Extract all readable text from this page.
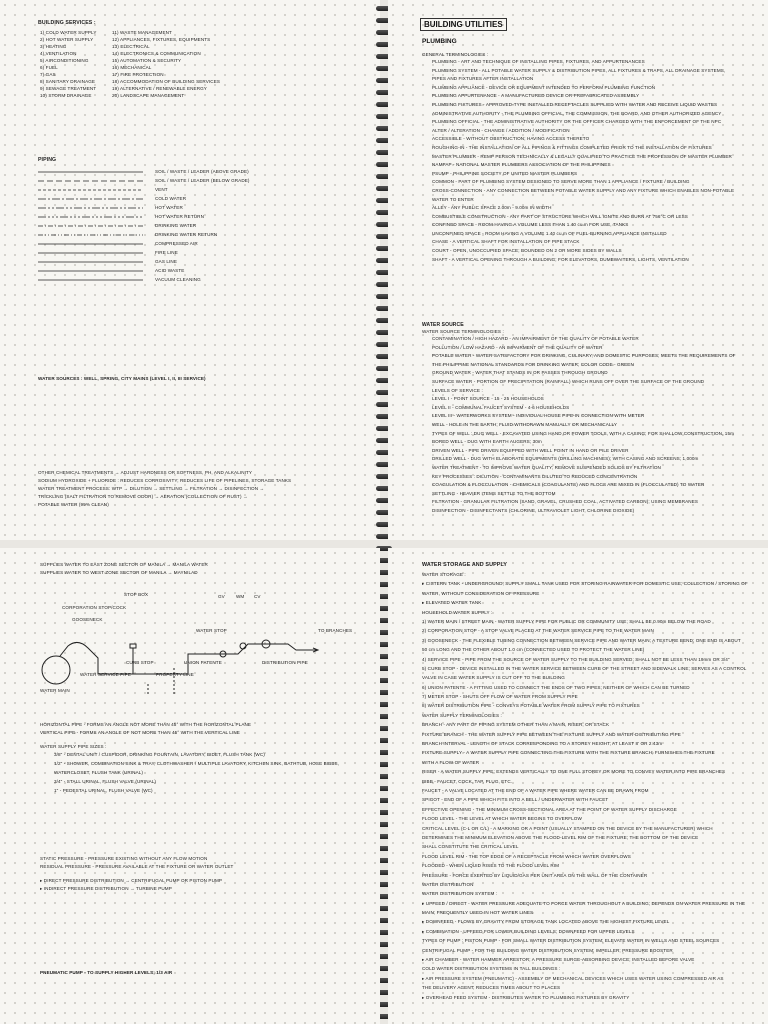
BUILDING SERVICES :
1) COLD WATER SUPPLY
2) HOT WATER SUPPLY
3) HEATING
4) VENTILATION
5) AIRCONDITIONING
6) FUEL
7) GAS
8) SANITARY DRAINAGE
9) SEWAGE TREATMENT
10) STORM DRAINAGE
11) WASTE MANAGEMENT
12) APPLIANCES, FIXTURES, EQUIPMENTS
13) ELECTRICAL
14) ELECTRONICS & COMMUNICATION
15) AUTOMATION & SECURITY
16) MECHANICAL
17) FIRE PROTECTION
18) ACCOMMODATION OF BUILDING SERVICES
19) ALTERNATIVE / RENEWABLE ENERGY
20) LANDSCAPE MANAGEMENT
PIPING
SOIL / WASTE / LEADER (ABOVE GRADE)
SOIL / WASTE / LEADER (BELOW GRADE)
VENT
COLD WATER
HOT WATER
HOT WATER RETURN
DRINKING WATER
DRINKING WATER RETURN
COMPRESSED AIR
FIRE LINE
GAS LINE
ACID WASTE
VACUUM CLEANING
WATER SOURCES : WELL, SPRING, CITY MAINS (LEVEL I, II, III SERVICE)
OTHER CHEMICAL TREATMENTS → ADJUST HARDNESS OR SOFTNESS, PH, AND ALKALINITY
SODIUM HYDROXIDE + FLUORIDE : REDUCES CORROSIVITY; REDUCES LIFE OF PIPELINES, STORAGE TANKS
WATER TREATMENT PROCESS: WTP → DILUTION → SETTLING → FILTRATION → DISINFECTION →
TRICKLING (SALT FILTRATION TO REMOVE ODOR) → AERATION (COLLECTION OF RUST) →
POTABLE WATER (99% CLEAN)
BUILDING UTILITIES
PLUMBING
GENERAL TERMINOLOGIES :
PLUMBING - ART AND TECHNIQUE OF INSTALLING PIPES, FIXTURES, AND APPURTENANCES
PLUMBING SYSTEM - ALL POTABLE WATER SUPPLY & DISTRIBUTION PIPES, ALL FIXTURES & TRAPS, ALL DRAINAGE SYSTEMS,
PIPES AND FIXTURES AFTER INSTALLATION
PLUMBING APPLIANCE - DEVICE OR EQUIPMENT INTENDED TO PERFORM PLUMBING FUNCTION
PLUMBING APPURTENANCE - A MANUFACTURED DEVICE OR PREFABRICATED ASSEMBLY
PLUMBING FIXTURES - APPROVED-TYPE INSTALLED RECEPTACLES SUPPLIED WITH WATER AND RECEIVE LIQUID WASTES
ADMINISTRATIVE AUTHORITY - THE PLUMBING OFFICIAL, THE COMMISSION, THE BOARD, AND OTHER AUTHORIZED AGENCY
PLUMBING OFFICIAL - THE ADMINISTRATIVE AUTHORITY OR THE OFFICER CHARGED WITH THE ENFORCEMENT OF THE NPC
ALTER / ALTERATION - CHANGE / ADDITION / MODIFICATION
ACCESSIBLE - WITHOUT OBSTRUCTION; HAVING ACCESS THERETO
ROUGHING-IN - THE INSTALLATION OF ALL PIPINGS & FITTINGS COMPLETED PRIOR TO THE INSTALLATION OF FIXTURES
MASTER PLUMBER - REMP PERSON TECHNICALLY & LEGALLY QUALIFIED TO PRACTICE THE PROFESSION OF MASTER PLUMBER
NAMPAP - NATIONAL MASTER PLUMBERS ASSOCIATION OF THE PHILIPPINES
PSUMP - PHILIPPINE SOCIETY OF UNITED MASTER PLUMBERS
COMMON - PART OF PLUMBING SYSTEM DESIGNED TO SERVE MORE THAN 1 APPLIANCE / FIXTURE / BUILDING
CROSS-CONNECTION - ANY CONNECTION BETWEEN POTABLE WATER SUPPLY AND ANY FIXTURE WHICH ENABLES NON-POTABLE
WATER TO ENTER
ALLEY - ANY PUBLIC SPACE 2.00m - 9.00m IN WIDTH
COMBUSTIBLE CONSTRUCTION - ANY PART OF STRUCTURE WHICH WILL IGNITE AND BURN AT 756°C OR LESS
CONFINED SPACE - ROOM HAVING A VOLUME LESS THAN 1.40 cu.m FOR USE, TANKS
UNCONFINED SPACE - ROOM HAVING A VOLUME 1.40 cu.m OF FUEL-BURNING APPLIANCE INSTALLED
CHASE - A VERTICAL SHAFT FOR INSTALLATION OF PIPE STACK
COURT - OPEN, UNOCCUPIED SPACE; BOUNDED ON 2 OR MORE SIDES BY WALLS
SHAFT - A VERTICAL OPENING THROUGH A BUILDING; FOR ELEVATORS, DUMBWAITERS, LIGHTS, VENTILATION
WATER SOURCE
WATER SOURCE TERMINOLOGIES :
CONTAMINATION / HIGH HAZARD - AN IMPAIRMENT OF THE QUALITY OF POTABLE WATER
POLLUTION / LOW HAZARD - AN IMPAIRMENT OF THE QUALITY OF WATER
POTABLE WATER - WATER SATISFACTORY FOR DRINKING, CULINARY, AND DOMESTIC PURPOSES; MEETS THE REQUIREMENTS OF
THE PHILIPPINE NATIONAL STANDARDS FOR DRINKING WATER; COLOR CODE - GREEN
GROUND WATER - WATER THAT STANDS IN OR PASSES THROUGH GROUND
SURFACE WATER - PORTION OF PRECIPITATION (RAINFALL) WHICH RUNS OFF OVER THE SURFACE OF THE GROUND
LEVELS OF SERVICE :
LEVEL I - POINT SOURCE - 15 - 25 HOUSEHOLDS
LEVEL II - COMMUNAL FAUCET SYSTEM - 4-6 HOUSEHOLDS
LEVEL III - WATERWORKS SYSTEM - INDIVIDUAL HOUSE PIPE-IN CONNECTION WITH METER
WELL - HOLE IN THE EARTH; FLUID WITHDRAWN MANUALLY OR MECHANICALLY
TYPES OF WELL : DUG WELL - EXCAVATED USING HAND OR POWER TOOLS, WITH A CASING; FOR SHALLOW CONSTRUCTION, 15m
BORED WELL - DUG WITH EARTH AUGERS; 30m
DRIVEN WELL - PIPE DRIVEN EQUIPPED WITH WELL POINT IN HAND OR PILE DRIVER
DRILLED WELL - DUG WITH ELABORATE EQUIPMENTS (DRILLING MACHINES); WITH CASING AND SCREENS; 1,000m
WATER TREATMENT - TO IMPROVE WATER QUALITY; REMOVE SUSPENDED SOLIDS BY FILTRATION
KEY PROCESSES : DILUTION - CONTAMINANTS DILUTED TO REDUCED CONCENTRATION
COAGULATION & FLOCCULATION - CHEMICALS (COAGULANTS) AND FLOCS ARE MIXED IN (FLOCCULATED) TO WATER
SETTLING - HEAVIER ITEMS SETTLE TO THE BOTTOM
FILTRATION - GRANULAR FILTRATION (SAND, GRAVEL, CRUSHED COAL, ACTIVATED CARBON); USING MEMBRANES
DISINFECTION - DISINFECTANTS (CHLORINE, ULTRAVIOLET LIGHT, CHLORINE DIOXIDE)
SUPPLIES WATER TO EAST ZONE SECTOR OF MANILA → MANILA WATER
SUPPLIES WATER TO WEST ZONE SECTOR OF MANILA → MAYNILAD
CORPORATION STOP/COCK
GOOSENECK
STOP BOX	GV WM CV
WATER STOP	TO BRANCHES
CURB STOP	UNION PATENTE	DISTRIBUTION PIPE
WATER SERVICE PIPE	PROPERTY LINE
WATER MAIN
HORIZONTAL PIPE - FORMS AN ANGLE NOT MORE THAN 45° WITH THE HORIZONTAL PLANE
VERTICAL PIPE - FORMS AN ANGLE OF NOT MORE THAN 45° WITH THE VERTICAL LINE
WATER SUPPLY PIPE SIZES :
3/8" - DENTAL UNIT / CUSPIDOR, DRINKING FOUNTAIN, LAVATORY, BIDET, FLUSH TANK (WC)
1/2" - SHOWER, COMBINATION SINK & TRAY, CLOTHWASHER / MULTIPLE LAVATORY, KITCHEN SINK, BATHTUB, HOSE BIBBS,
WATERCLOSET, FLUSH TANK (URINAL)
3/4" - STALL URINAL, FLUSH VALVE (URINAL)
1" - PEDESTAL URINAL, FLUSH VALVE (WC)
STATIC PRESSURE - PRESSURE EXISTING WITHOUT ANY FLOW MOTION
RESIDUAL PRESSURE - PRESSURE AVAILABLE AT THE FIXTURE OR WATER OUTLET
▸ DIRECT PRESSURE DISTRIBUTION → CENTRIFUGAL PUMP OR PISTON PUMP
▸ INDIRECT PRESSURE DISTRIBUTION → TURBINE PUMP
PNEUMATIC PUMP - TO SUPPLY HIGHER LEVELS; 1/3 AIR
WATER STORAGE AND SUPPLY
WATER STORAGE :
▸ CISTERN TANK - UNDERGROUND; SUPPLY SMALL TANK USED FOR STORING RAINWATER FOR DOMESTIC USE; COLLECTION / STORING OF
WATER, WITHOUT CONSIDERATION OF PRESSURE
▸ ELEVATED WATER TANK
HOUSEHOLD WATER SUPPLY :
1) WATER MAIN / STREET MAIN - WATER SUPPLY PIPE FOR PUBLIC OR COMMUNITY USE; SHALL BE 0.90m BELOW THE ROAD
2) CORPORATION STOP - A STOP VALVE PLACED AT THE WATER SERVICE PIPE TO THE WATER MAIN
3) GOOSENECK - THE FLEXIBLE TUBING CONNECTION BETWEEN SERVICE PIPE AND WATER MAIN; A TEXTURE BEND; ONE END IS ABOUT
50 cm LONG AND THE OTHER ABOUT 1.0 cm (CONNECTED USED TO PROTECT THE WATER LINE)
4) SERVICE PIPE - PIPE FROM THE SOURCE OF WATER SUPPLY TO THE BUILDING SERVED; SHALL NOT BE LESS THAN 19mm OR 3/4"
5) CURB STOP - DEVICE INSTALLED IN THE WATER SERVICE BETWEEN CURB OF THE STREET AND SIDEWALK LINE; SERVES AS A CONTROL
VALVE IN CASE WATER SUPPLY IS CUT OFF TO THE BUILDING
6) UNION PATENTE - A FITTING USED TO CONNECT THE ENDS OF TWO PIPES; NEITHER OF WHICH CAN BE TURNED
7) METER STOP - SHUTS OFF FLOW OF WATER FROM SUPPLY PIPE
8) WATER DISTRIBUTION PIPE - CONVEYS POTABLE WATER FROM SUPPLY PIPE TO FIXTURES
WATER SUPPLY TERMINOLOGIES :
BRANCH - ANY PART OF PIPING SYSTEM OTHER THAN A MAIN, RISER, OR STACK
FIXTURE BRANCH - THE WATER SUPPLY PIPE BETWEEN THE FIXTURE SUPPLY AND WATER-DISTRIBUTING PIPE
BRANCH INTERVAL - LENGTH OF STACK CORRESPONDING TO A STOREY HEIGHT; AT LEAST 8' OR 2.43m
FIXTURE SUPPLY - A WATER SUPPLY PIPE CONNECTING THE FIXTURE WITH THE FIXTURE BRANCH; FURNISHES THE FIXTURE
WITH A FLOW OF WATER
RISER - A WATER SUPPLY PIPE; EXTENDS VERTICALLY TO ONE FULL STOREY OR MORE TO CONVEY WATER INTO PIPE BRANCHES
BIBB - FAUCET, COCK, TAP, PLUG, ETC.
FAUCET - A VALVE LOCATED AT THE END OF A WATER PIPE WHERE WATER CAN BE DRAWN FROM
SPIGOT - END OF A PIPE WHICH FITS INTO A BELL / UNDERWATER WITH FAUCET
EFFECTIVE OPENING - THE MINIMUM CROSS-SECTIONAL AREA AT THE POINT OF WATER SUPPLY DISCHARGE
FLOOD LEVEL - THE LEVEL AT WHICH WATER BEGINS TO OVERFLOW
CRITICAL LEVEL (C-L OR C/L) - A MARKING OR A POINT (USUALLY STAMPED ON THE DEVICE BY THE MANUFACTURER) WHICH
DETERMINES THE MINIMUM ELEVATION ABOVE THE FLOOD-LEVEL RIM OF THE FIXTURE; THE BOTTOM OF THE DEVICE
SHALL CONSTITUTE THE CRITICAL LEVEL
FLOOD LEVEL RIM - THE TOP EDGE OF A RECEPTACLE FROM WHICH WATER OVERFLOWS
FLOODED - WHEN LIQUID RISES TO THE FLOOD LEVEL RIM
PRESSURE - FORCE EXERTED BY LIQUID/GAS PER UNIT AREA ON THE WALL OF THE CONTAINER
WATER DISTRIBUTION
WATER DISTRIBUTION SYSTEM :
▸ UPFEED / DIRECT - WATER PRESSURE ADEQUATE TO FORCE WATER THROUGHOUT A BUILDING; DEPENDS ON WATER PRESSURE IN THE
MAIN; FREQUENTLY USED IN HOT WATER LINES
▸ DOWNFEED - FLOWS BY GRAVITY FROM STORAGE TANK LOCATED ABOVE THE HIGHEST FIXTURE LEVEL
▸ COMBINATION - UPFEED FOR LOWER BUILDING LEVELS; DOWNFEED FOR UPPER LEVELS
TYPES OF PUMP : PISTON PUMP - FOR SMALL WATER DISTRIBUTION SYSTEM; ELEVATE WATER IN WELLS AND STEEL SOURCES
CENTRIFUGAL PUMP - FOR THE BUILDING WATER DISTRIBUTION SYSTEM; IMPELLER; PRESSURE BOOSTER
▸ AIR CHAMBER - WATER HAMMER ARRESTOR; A PRESSURE SURGE-ABSORBING DEVICE; INSTALLED BEFORE VALVE
COLD WATER DISTRIBUTION SYSTEMS IN TALL BUILDINGS :
▸ AIR PRESSURE SYSTEM (PNEUMATIC) - ASSEMBLY OF MECHANICAL DEVICES WHICH USES WATER USING COMPRESSED AIR AS
THE DELIVERY AGENT; REDUCES TIMES ABOUT TO PLACES
▸ OVERHEAD FEED SYSTEM - DISTRIBUTES WATER TO PLUMBING FIXTURES BY GRAVITY
